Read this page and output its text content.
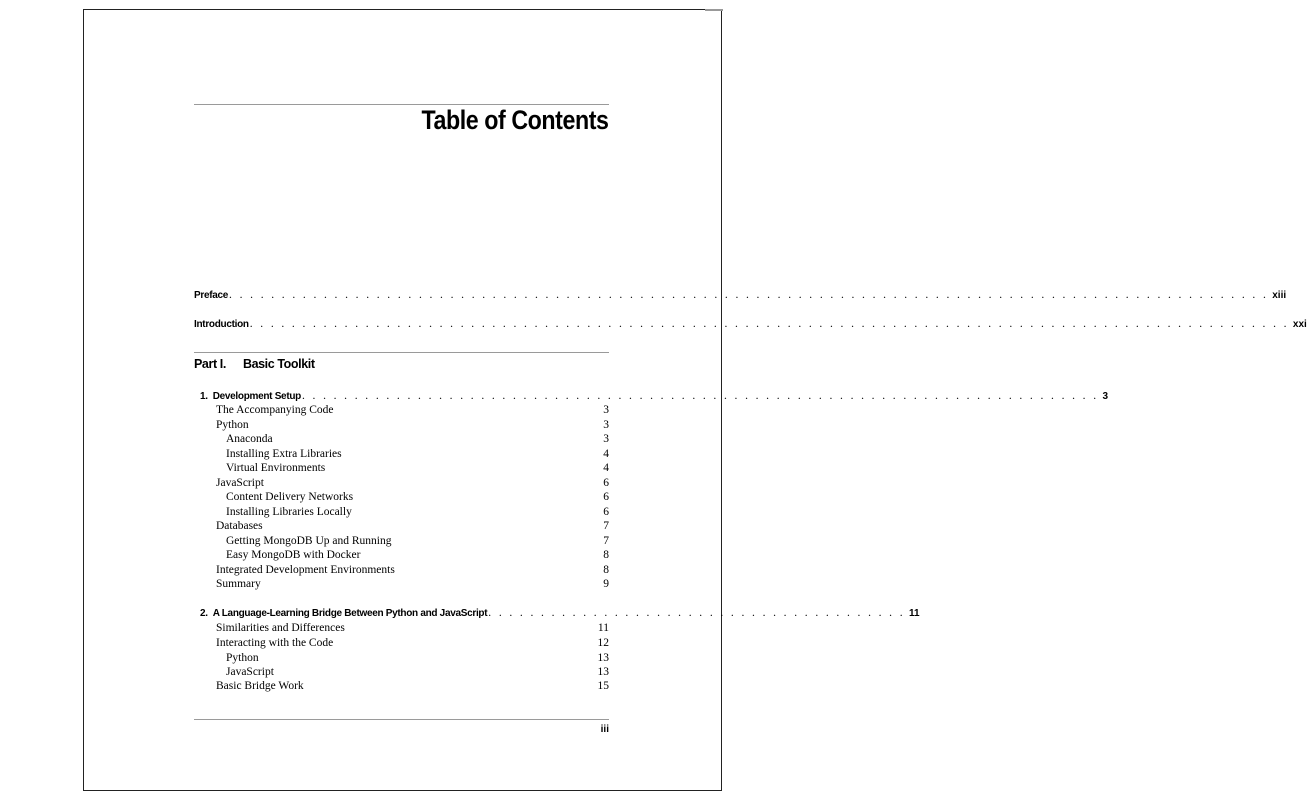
Table of Contents
Preface . . . . . . . . . . . . . . . . . . . . . . . . . . . . . . . . . . . . . . . . . . . . . . . . . . . . . . . . . . . . . . . . . . . . . . . . . . . . . . . . . . . . . . . . . . . . . . . . . . . xiii
Introduction . . . . . . . . . . . . . . . . . . . . . . . . . . . . . . . . . . . . . . . . . . . . . . . . . . . . . . . . . . . . . . . . . . . . . . . . . . . . . . . . . . . . . . . . . . . . . . . . . . . xxi
Part I. Basic Toolkit
1. Development Setup . . . . . . . . . . . . . . . . . . . . . . . . . . . . . . . . . . . . . . . . . . . . . . . . . . . . . . . . . . . . . . . . . . . . . . . . . . . . 3
The Accompanying Code	3
Python	3
Anaconda	3
Installing Extra Libraries	4
Virtual Environments	4
JavaScript	6
Content Delivery Networks	6
Installing Libraries Locally	6
Databases	7
Getting MongoDB Up and Running	7
Easy MongoDB with Docker	8
Integrated Development Environments	8
Summary	9
2. A Language-Learning Bridge Between Python and JavaScript . . . . . . . . . . . . . . . . . . . . . . . . . . . . . . . . . . . . . . . . 11
Similarities and Differences	11
Interacting with the Code	12
Python	13
JavaScript	13
Basic Bridge Work	15
iii
